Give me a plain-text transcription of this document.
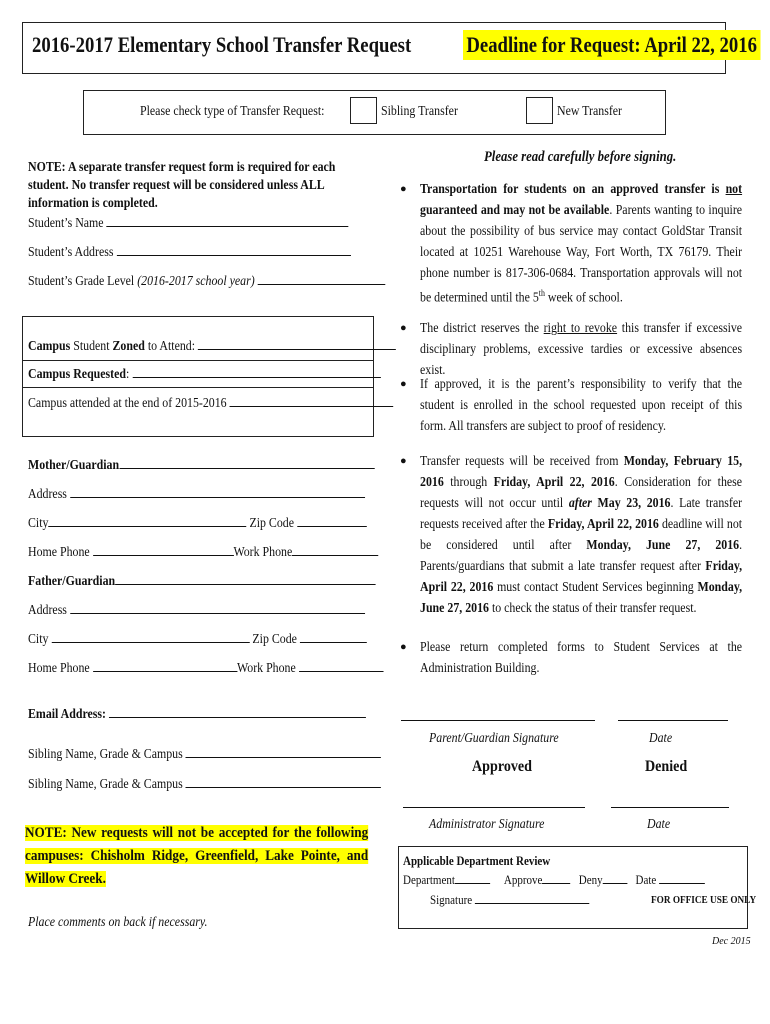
2016-2017 Elementary School Transfer Request	Deadline for Request: April 22, 2016
Please check type of Transfer Request:	Sibling Transfer	New Transfer
NOTE: A separate transfer request form is required for each student. No transfer request will be considered unless ALL information is completed.
Student’s Name
Student’s Address
Student’s Grade Level (2016-2017 school year)
Campus Student Zoned to Attend:
Campus Requested:
Campus attended at the end of 2015-2016
Mother/Guardian
Address
City	Zip Code
Home Phone	Work Phone
Father/Guardian
Address
City	Zip Code
Home Phone	Work Phone
Email Address:
Sibling Name, Grade & Campus
Sibling Name, Grade & Campus
NOTE: New requests will not be accepted for the following campuses: Chisholm Ridge, Greenfield, Lake Pointe, and Willow Creek.
Place comments on back if necessary.
Please read carefully before signing.
● Transportation for students on an approved transfer is not guaranteed and may not be available. Parents wanting to inquire about the possibility of bus service may contact GoldStar Transit located at 10251 Warehouse Way, Fort Worth, TX 76179. Their phone number is 817-306-0684. Transportation approvals will not be determined until the 5th week of school.
● The district reserves the right to revoke this transfer if excessive disciplinary problems, excessive tardies or excessive absences exist.
● If approved, it is the parent’s responsibility to verify that the student is enrolled in the school requested upon receipt of this form. All transfers are subject to proof of residency.
● Transfer requests will be received from Monday, February 15, 2016 through Friday, April 22, 2016. Consideration for these requests will not occur until after May 23, 2016. Late transfer requests received after the Friday, April 22, 2016 deadline will not be considered until after Monday, June 27, 2016. Parents/guardians that submit a late transfer request after Friday, April 22, 2016 must contact Student Services beginning Monday, June 27, 2016 to check the status of their transfer request.
● Please return completed forms to Student Services at the Administration Building.
Parent/Guardian Signature	Date
Approved	Denied
Administrator Signature	Date
Applicable Department Review
Department	Approve	Deny	Date
Signature	FOR OFFICE USE ONLY
Dec 2015
